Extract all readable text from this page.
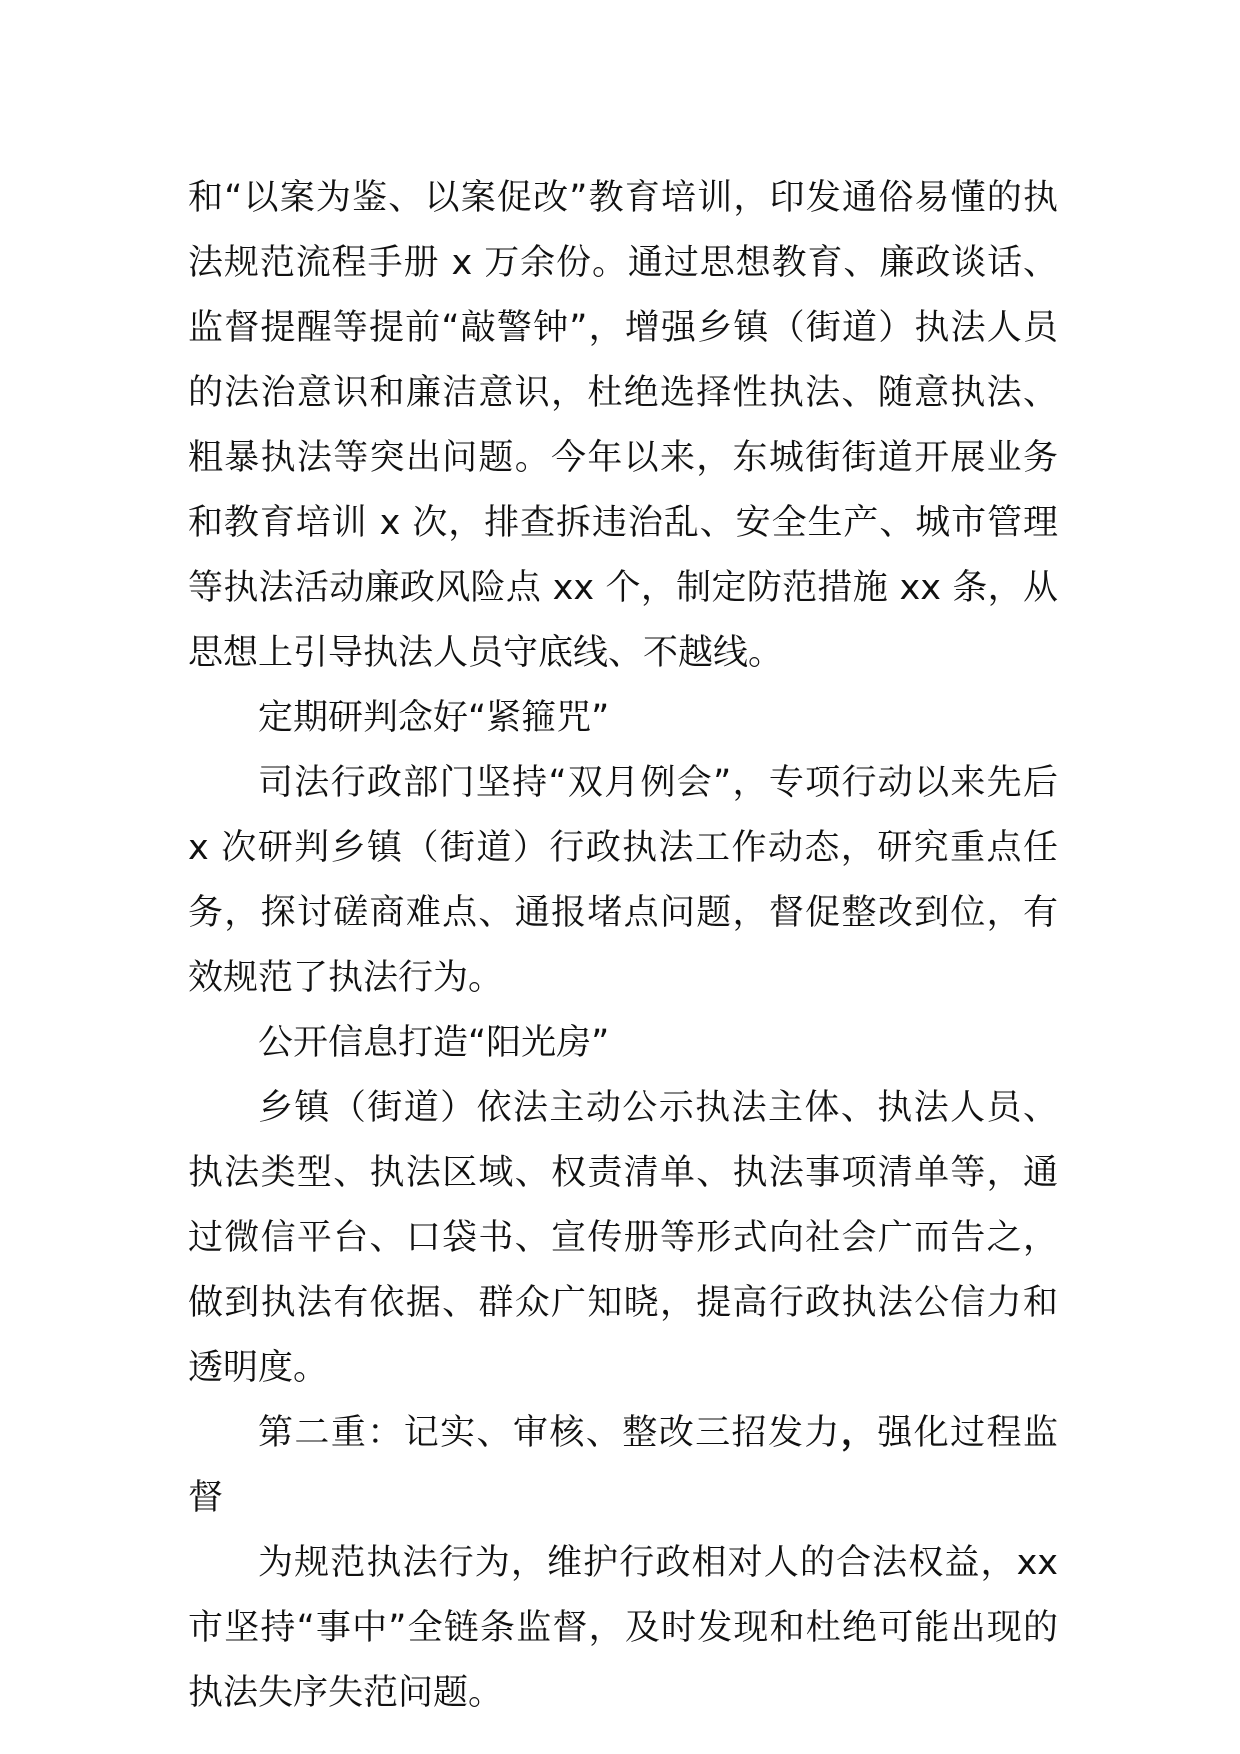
和“以案为鉴、以案促改”教育培训，印发通俗易懂的执法规范流程手册 x 万余份。通过思想教育、廉政谈话、监督提醒等提前“敲警钟”，增强乡镇（街道）执法人员的法治意识和廉洁意识，杜绝选择性执法、随意执法、粗暴执法等突出问题。今年以来，东城街街道开展业务和教育培训 x 次，排查拆违治乱、安全生产、城市管理等执法活动廉政风险点 xx 个，制定防范措施 xx 条，从思想上引导执法人员守底线、不越线。

定期研判念好“紧箍咒”

司法行政部门坚持“双月例会”，专项行动以来先后 x 次研判乡镇（街道）行政执法工作动态，研究重点任务，探讨磋商难点、通报堵点问题，督促整改到位，有效规范了执法行为。

公开信息打造“阳光房”

乡镇（街道）依法主动公示执法主体、执法人员、执法类型、执法区域、权责清单、执法事项清单等，通过微信平台、口袋书、宣传册等形式向社会广而告之，做到执法有依据、群众广知晓，提高行政执法公信力和透明度。

第二重：记实、审核、整改三招发力，强化过程监督

为规范执法行为，维护行政相对人的合法权益，xx 市坚持“事中”全链条监督，及时发现和杜绝可能出现的执法失序失范问题。
